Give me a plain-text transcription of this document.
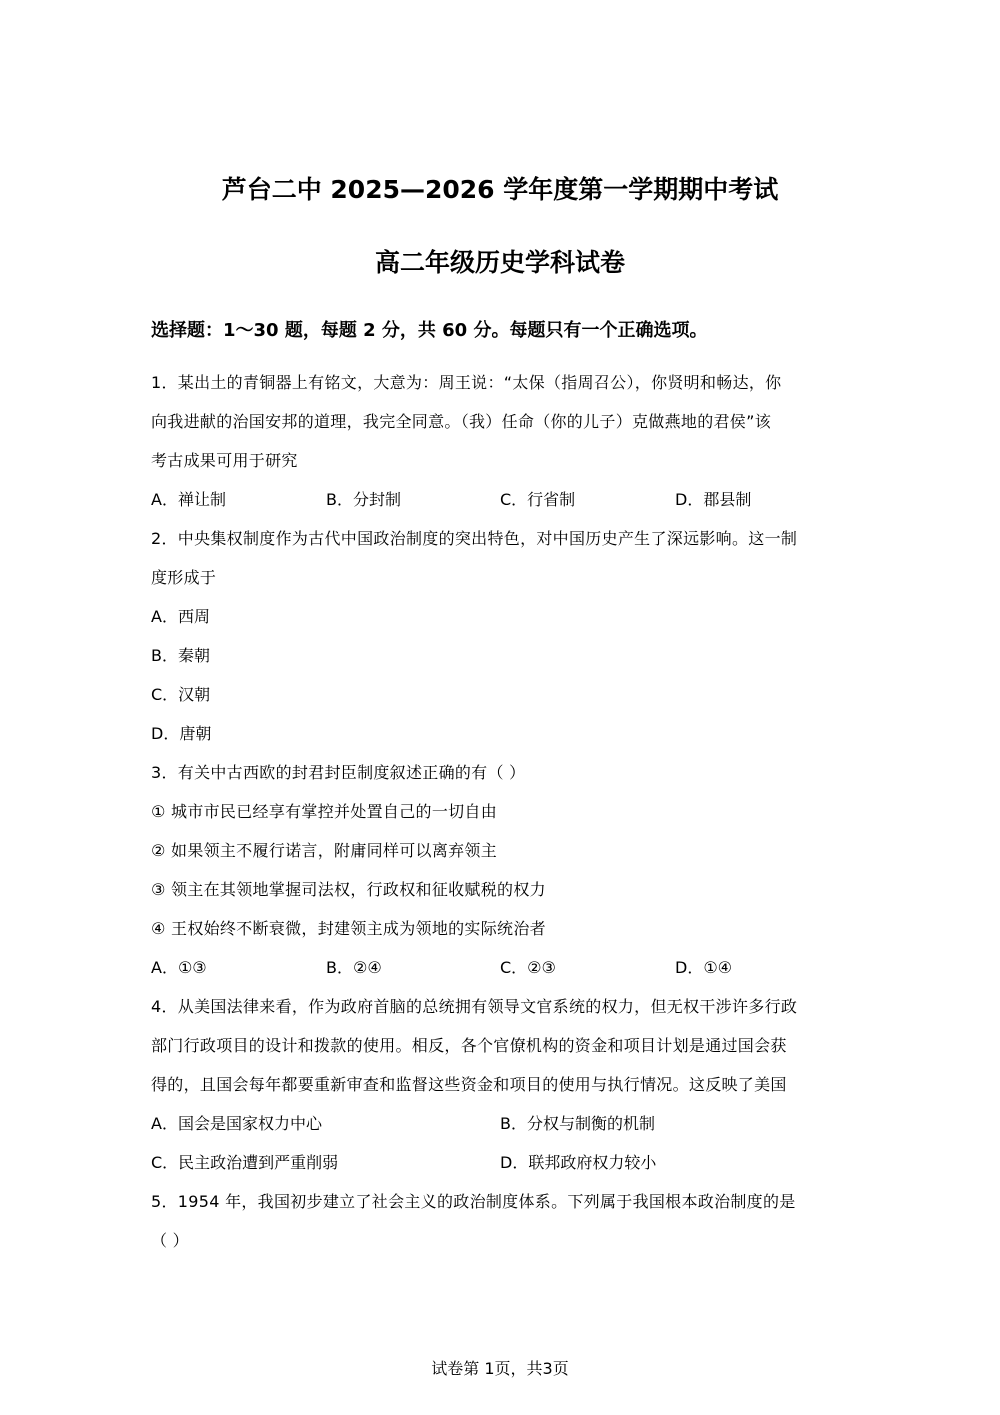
芦台二中 2025—2026 学年度第一学期期中考试
高二年级历史学科试卷
选择题：1～30 题，每题 2 分，共 60 分。每题只有一个正确选项。
1．某出土的青铜器上有铭文，大意为：周王说：“太保（指周召公），你贤明和畅达，你
向我进献的治国安邦的道理，我完全同意。（我）任命（你的儿子）克做燕地的君侯”该
考古成果可用于研究
A．禅让制	B．分封制	C．行省制	D．郡县制
2．中央集权制度作为古代中国政治制度的突出特色，对中国历史产生了深远影响。这一制
度形成于
A．西周
B．秦朝
C．汉朝
D．唐朝
3．有关中古西欧的封君封臣制度叙述正确的有（ ）
① 城市市民已经享有掌控并处置自己的一切自由
② 如果领主不履行诺言，附庸同样可以离弃领主
③ 领主在其领地掌握司法权，行政权和征收赋税的权力
④ 王权始终不断衰微，封建领主成为领地的实际统治者
A．①③	B．②④	C．②③	D．①④
4．从美国法律来看，作为政府首脑的总统拥有领导文官系统的权力，但无权干涉许多行政
部门行政项目的设计和拨款的使用。相反，各个官僚机构的资金和项目计划是通过国会获
得的，且国会每年都要重新审查和监督这些资金和项目的使用与执行情况。这反映了美国
A．国会是国家权力中心	B．分权与制衡的机制
C．民主政治遭到严重削弱	D．联邦政府权力较小
5．1954 年，我国初步建立了社会主义的政治制度体系。下列属于我国根本政治制度的是
（ ）
试卷第 1页，共3页
